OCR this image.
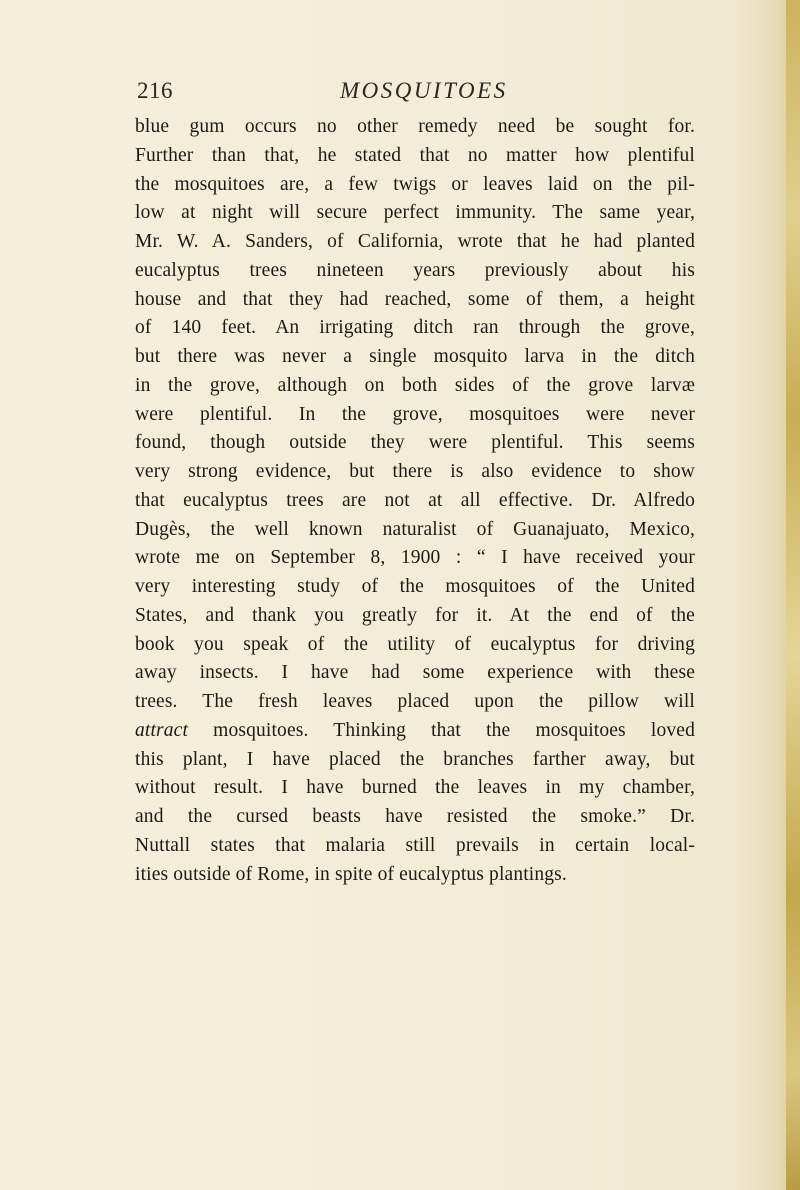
216	MOSQUITOES
blue gum occurs no other remedy need be sought for.
Further than that, he stated that no matter how plentiful
the mosquitoes are, a few twigs or leaves laid on the pil-
low at night will secure perfect immunity. The same year,
Mr. W. A. Sanders, of California, wrote that he had planted
eucalyptus trees nineteen years previously about his
house and that they had reached, some of them, a height
of 140 feet. An irrigating ditch ran through the grove,
but there was never a single mosquito larva in the ditch
in the grove, although on both sides of the grove larvæ
were plentiful. In the grove, mosquitoes were never
found, though outside they were plentiful. This seems
very strong evidence, but there is also evidence to show
that eucalyptus trees are not at all effective. Dr. Alfredo
Dugès, the well known naturalist of Guanajuato, Mexico,
wrote me on September 8, 1900 : “ I have received your
very interesting study of the mosquitoes of the United
States, and thank you greatly for it. At the end of the
book you speak of the utility of eucalyptus for driving
away insects. I have had some experience with these
trees. The fresh leaves placed upon the pillow will
attract mosquitoes. Thinking that the mosquitoes loved
this plant, I have placed the branches farther away, but
without result. I have burned the leaves in my chamber,
and the cursed beasts have resisted the smoke.” Dr.
Nuttall states that malaria still prevails in certain local-
ities outside of Rome, in spite of eucalyptus plantings.
